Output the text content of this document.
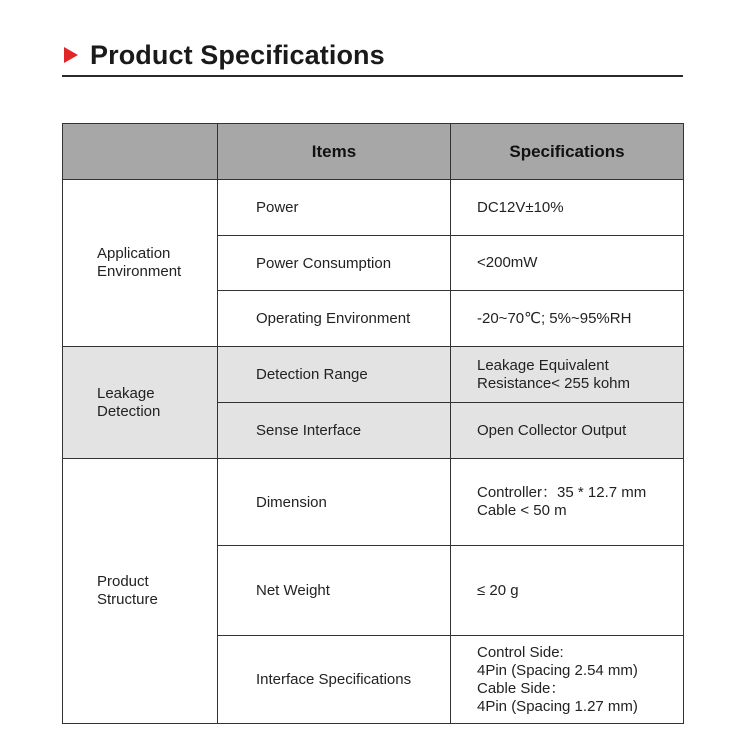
Product Specifications
	Items	Specifications

Application
Environment	Power	DC12V±10%

	Power Consumption	<200mW

	Operating Environment	-20~70℃; 5%~95%RH

Leakage
Detection	Detection Range	Leakage Equivalent
Resistance< 255 kohm

	Sense Interface	Open Collector Output

Product
Structure	Dimension	Controller：35 * 12.7 mm
Cable < 50 m

	Net Weight	≤ 20 g

	Interface Specifications	Control Side:
4Pin (Spacing 2.54 mm)
Cable Side：
4Pin (Spacing 1.27 mm)
